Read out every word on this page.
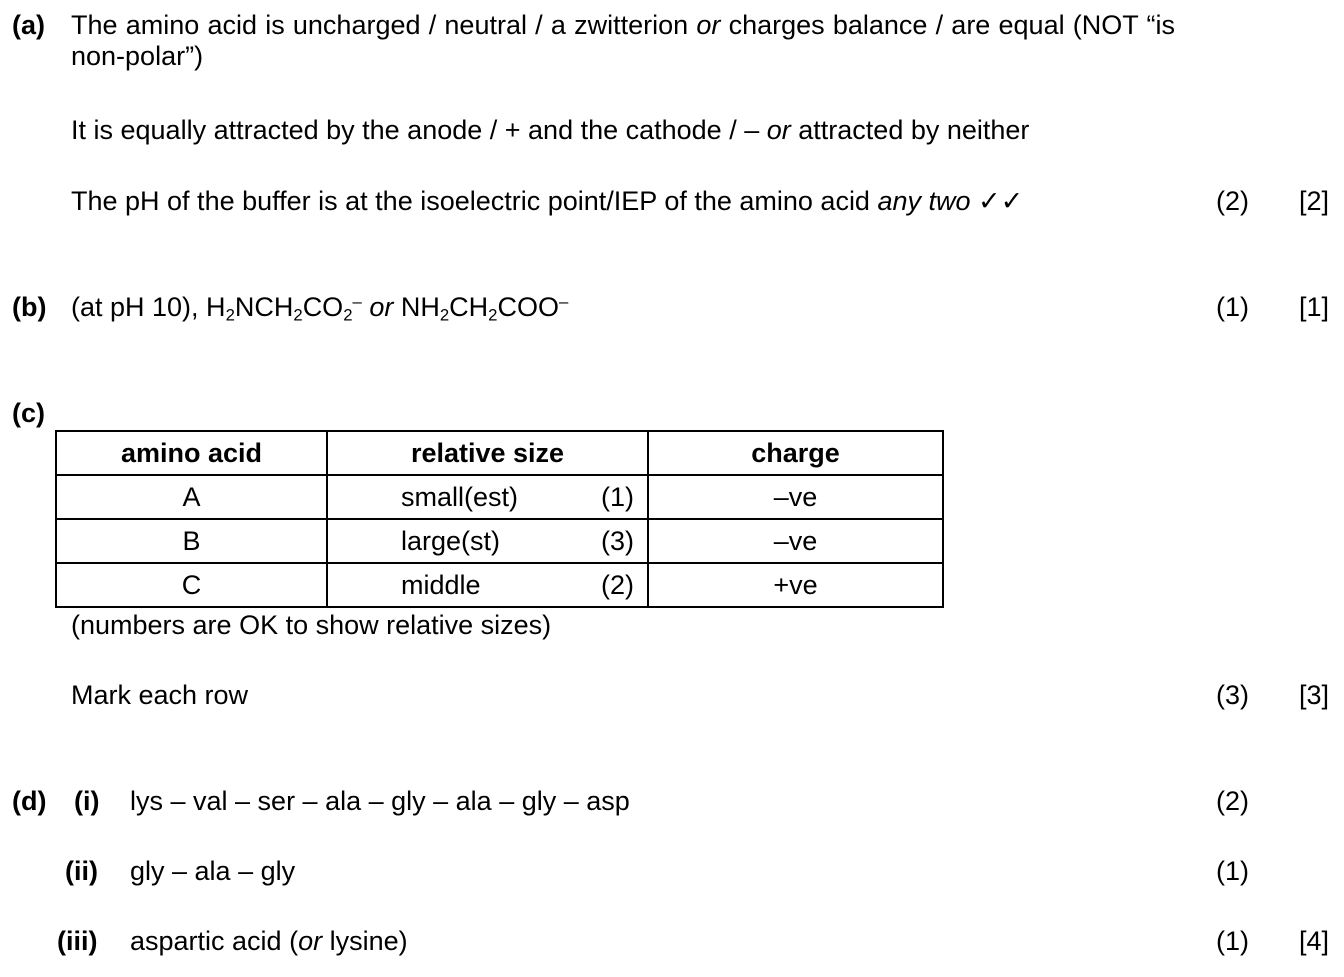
(a) The amino acid is uncharged / neutral / a zwitterion or charges balance / are equal (NOT “is non-polar”)
It is equally attracted by the anode / + and the cathode / – or attracted by neither
The pH of the buffer is at the isoelectric point/IEP of the amino acid any two ✓✓	(2) [2]
(b) (at pH 10), $H_2NCH_2CO_2^-$ or $NH_2CH_2COO^-$	(1) [1]
(c)
amino acid	relative size	charge
A	small(est) (1)	–ve
B	large(st) (3)	–ve
C	middle (2)	+ve
(numbers are OK to show relative sizes)
Mark each row	(3) [3]
(d) (i) lys – val – ser – ala – gly – ala – gly – asp	(2)
(ii) gly – ala – gly	(1)
(iii) aspartic acid (or lysine)	(1) [4]
